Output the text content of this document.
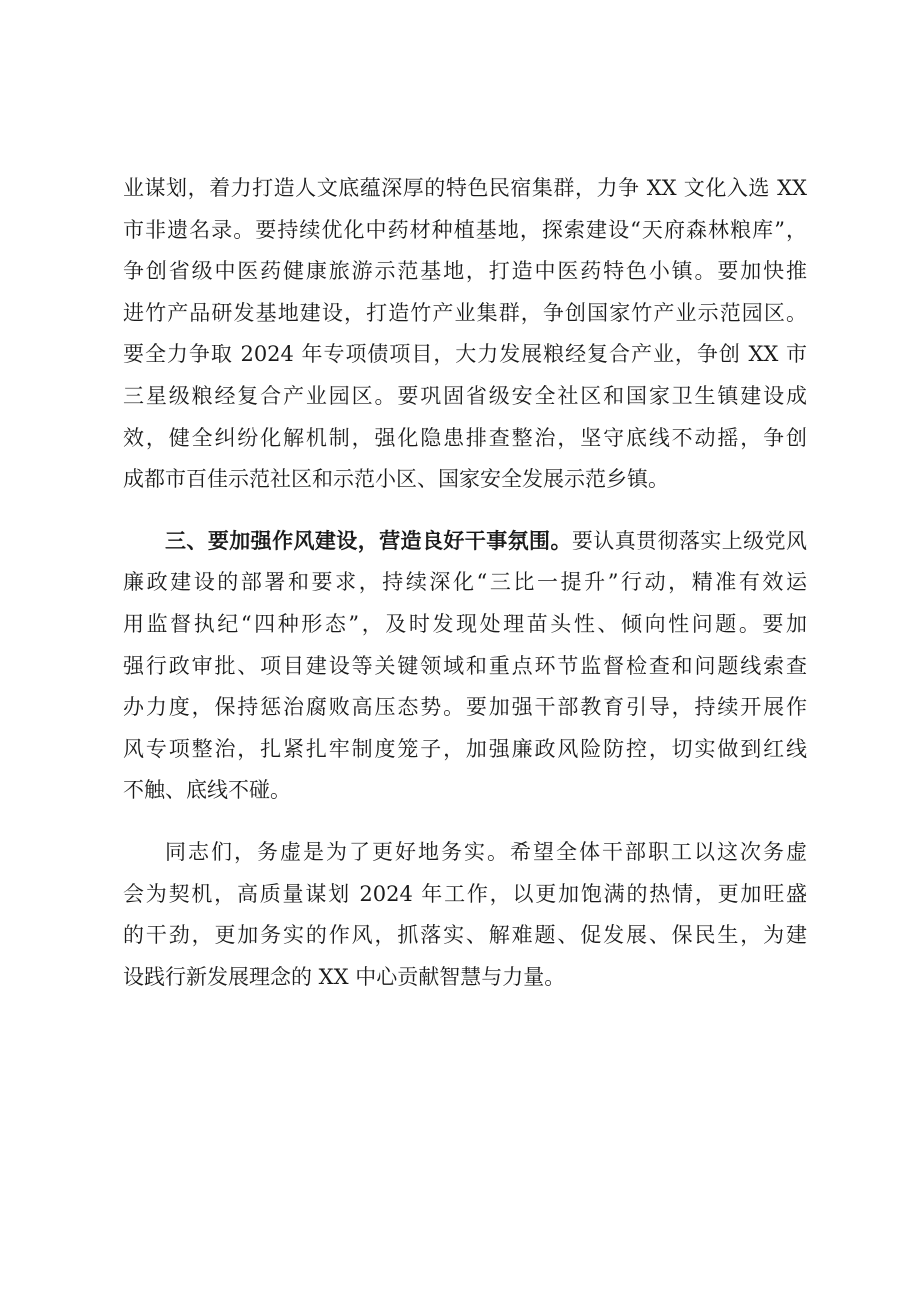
业谋划，着力打造人文底蕴深厚的特色民宿集群，力争 XX 文化入选 XX
市非遗名录。要持续优化中药材种植基地，探索建设“天府森林粮库”，
争创省级中医药健康旅游示范基地，打造中医药特色小镇。要加快推
进竹产品研发基地建设，打造竹产业集群，争创国家竹产业示范园区。
要全力争取 2024 年专项债项目，大力发展粮经复合产业，争创 XX 市
三星级粮经复合产业园区。要巩固省级安全社区和国家卫生镇建设成
效，健全纠纷化解机制，强化隐患排查整治，坚守底线不动摇，争创
成都市百佳示范社区和示范小区、国家安全发展示范乡镇。
三、要加强作风建设，营造良好干事氛围。要认真贯彻落实上级党风
廉政建设的部署和要求，持续深化“三比一提升”行动，精准有效运
用监督执纪“四种形态”，及时发现处理苗头性、倾向性问题。要加
强行政审批、项目建设等关键领域和重点环节监督检查和问题线索查
办力度，保持惩治腐败高压态势。要加强干部教育引导，持续开展作
风专项整治，扎紧扎牢制度笼子，加强廉政风险防控，切实做到红线
不触、底线不碰。
同志们，务虚是为了更好地务实。希望全体干部职工以这次务虚
会为契机，高质量谋划 2024 年工作，以更加饱满的热情，更加旺盛
的干劲，更加务实的作风，抓落实、解难题、促发展、保民生，为建
设践行新发展理念的 XX 中心贡献智慧与力量。
